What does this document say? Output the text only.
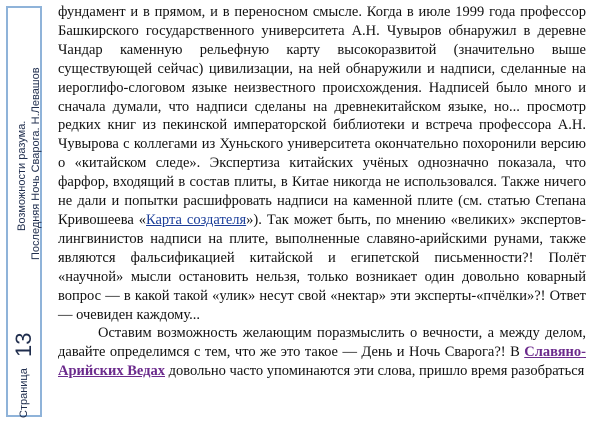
Страница
13
Возможности разума. Последняя Ночь Сварога. Н.Левашов

фундамент и в прямом, и в переносном смысле. Когда в июле 1999 года профессор Башкирского государственного университета А.Н. Чувыров обнаружил в деревне Чандар каменную рельефную карту высокоразвитой (значительно выше существующей сейчас) цивилизации, на ней обнаружили и надписи, сделанные на иероглифо-слоговом языке неизвестного происхождения. Надписей было много и сначала думали, что надписи сделаны на древнекитайском языке, но... просмотр редких книг из пекинской императорской библиотеки и встреча профессора А.Н. Чувырова с коллегами из Хуньского университета окончательно похоронили версию о «китайском следе». Экспертиза китайских учёных однозначно показала, что фарфор, входящий в состав плиты, в Китае никогда не использовался. Также ничего не дали и попытки расшифровать надписи на каменной плите (см. статью Степана Кривошеева «Карта создателя»). Так может быть, по мнению «великих» экспертов-лингвинистов надписи на плите, выполненные славяно-арийскими рунами, также являются фальсификацией китайской и египетской письменности?! Полёт «научной» мысли остановить нельзя, только возникает один довольно коварный вопрос — в какой такой «улик» несут свой «нектар» эти эксперты-«пчёлки»?! Ответ — очевиден каждому...

Оставим возможность желающим поразмыслить о вечности, а между делом, давайте определимся с тем, что же это такое — День и Ночь Сварога?! В Славяно-Арийских Ведах довольно часто упоминаются эти слова, пришло время разобраться
